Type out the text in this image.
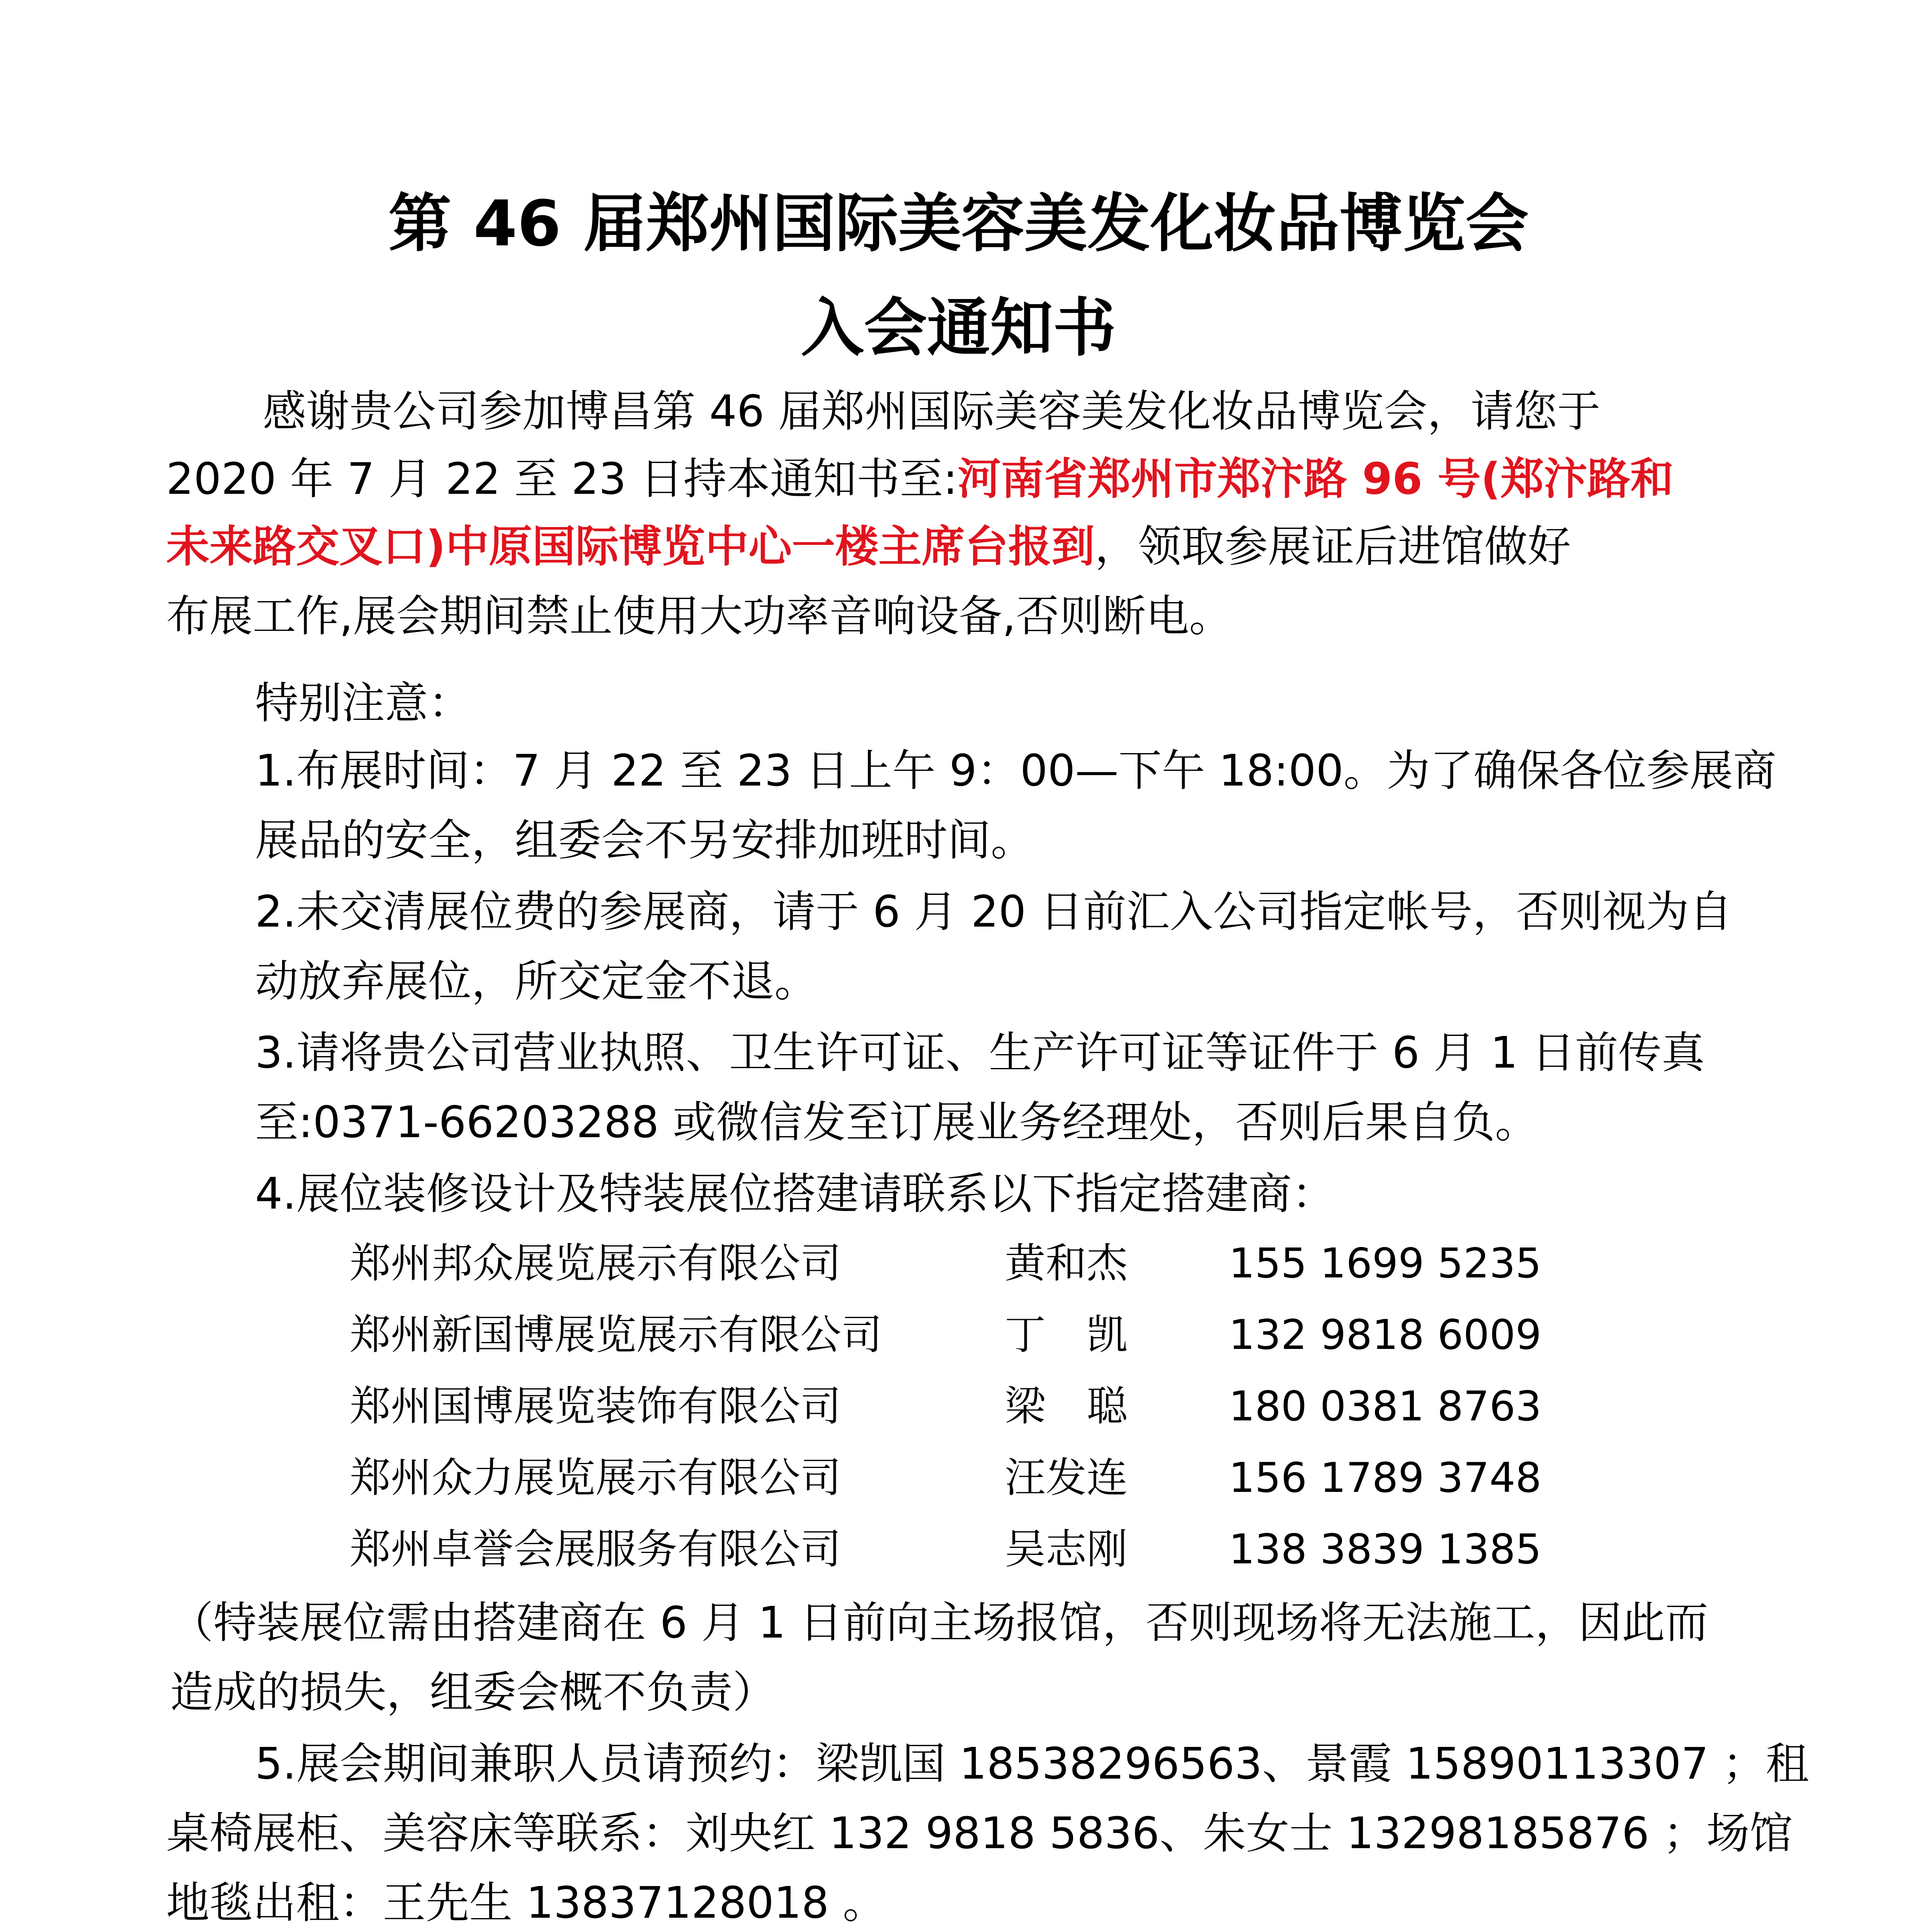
第 46 届郑州国际美容美发化妆品博览会
入会通知书
感谢贵公司参加博昌第 46 届郑州国际美容美发化妆品博览会，请您于
2020 年 7 月 22 至 23 日持本通知书至:河南省郑州市郑汴路 96 号(郑汴路和
未来路交叉口)中原国际博览中心一楼主席台报到，领取参展证后进馆做好
布展工作,展会期间禁止使用大功率音响设备,否则断电。
特别注意：
1.布展时间：7 月 22 至 23 日上午 9：00—下午 18:00。为了确保各位参展商
展品的安全，组委会不另安排加班时间。
2.未交清展位费的参展商，请于 6 月 20 日前汇入公司指定帐号，否则视为自
动放弃展位，所交定金不退。
3.请将贵公司营业执照、卫生许可证、生产许可证等证件于 6 月 1 日前传真
至:0371-66203288 或微信发至订展业务经理处，否则后果自负。
4.展位装修设计及特装展位搭建请联系以下指定搭建商：
郑州邦众展览展示有限公司	黄和杰 155 1699 5235
郑州新国博展览展示有限公司	丁　凯 132 9818 6009
郑州国博展览装饰有限公司	梁　聪 180 0381 8763
郑州众力展览展示有限公司	汪发连 156 1789 3748
郑州卓誉会展服务有限公司	吴志刚 138 3839 1385
（特装展位需由搭建商在 6 月 1 日前向主场报馆，否则现场将无法施工，因此而
造成的损失，组委会概不负责）
5.展会期间兼职人员请预约：梁凯国 18538296563、景霞 15890113307 ；租
桌椅展柜、美容床等联系：刘央红 132 9818 5836、朱女士 13298185876 ；场馆
地毯出租：王先生 13837128018 。
